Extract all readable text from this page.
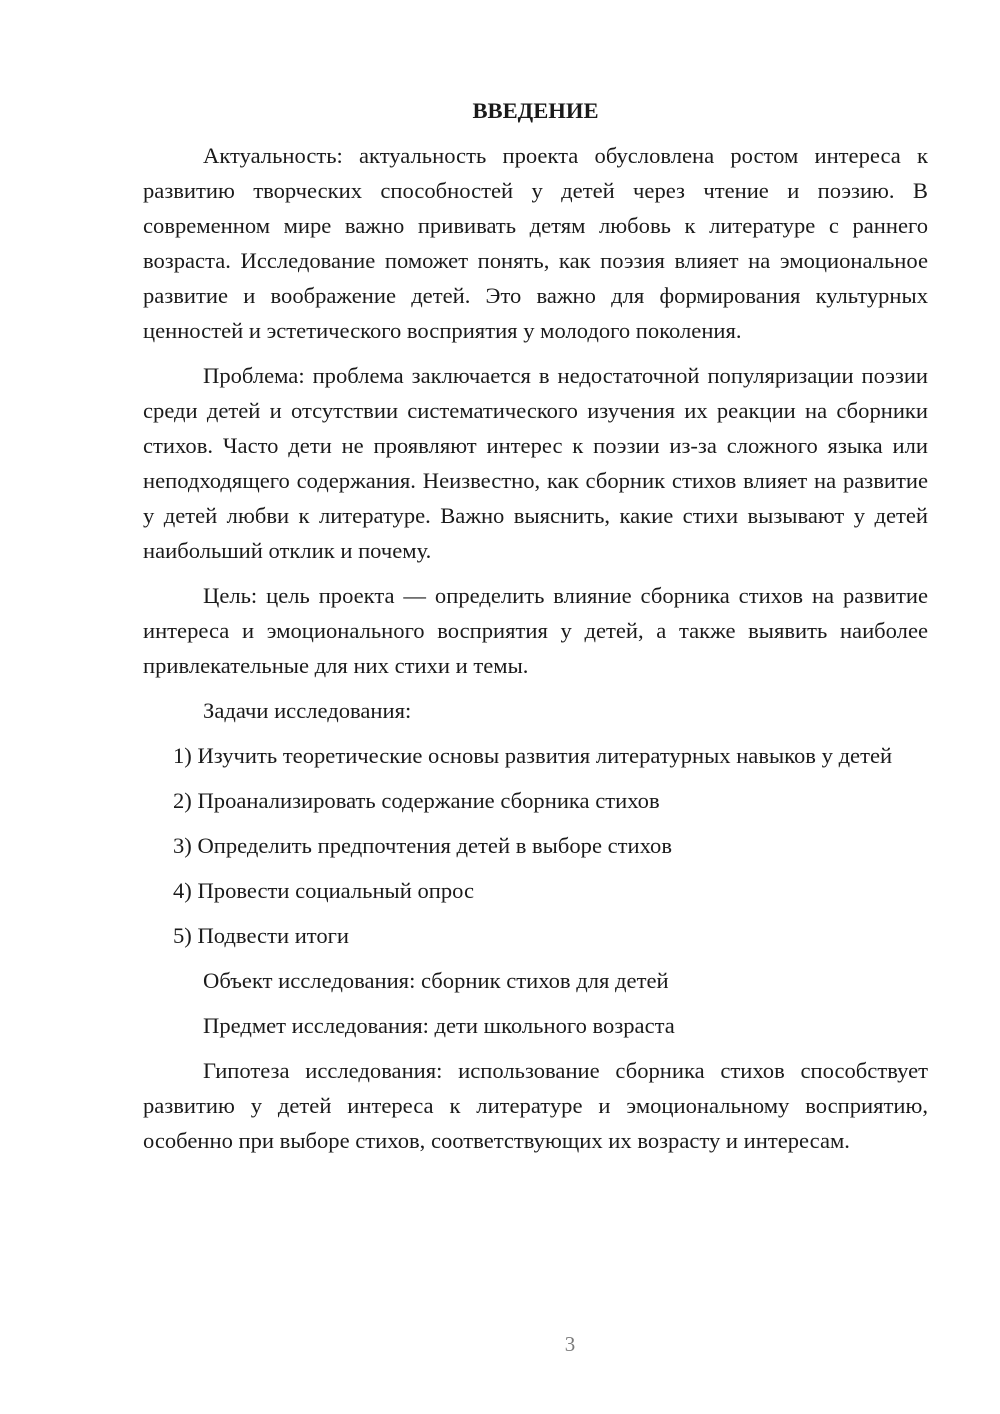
ВВЕДЕНИЕ

Актуальность: актуальность проекта обусловлена ростом интереса к развитию творческих способностей у детей через чтение и поэзию. В современном мире важно прививать детям любовь к литературе с раннего возраста. Исследование поможет понять, как поэзия влияет на эмоциональное развитие и воображение детей. Это важно для формирования культурных ценностей и эстетического восприятия у молодого поколения.

Проблема: проблема заключается в недостаточной популяризации поэзии среди детей и отсутствии систематического изучения их реакции на сборники стихов. Часто дети не проявляют интерес к поэзии из-за сложного языка или неподходящего содержания. Неизвестно, как сборник стихов влияет на развитие у детей любви к литературе. Важно выяснить, какие стихи вызывают у детей наибольший отклик и почему.

Цель: цель проекта — определить влияние сборника стихов на развитие интереса и эмоционального восприятия у детей, а также выявить наиболее привлекательные для них стихи и темы.

Задачи исследования:

1) Изучить теоретические основы развития литературных навыков у детей

2) Проанализировать содержание сборника стихов

3) Определить предпочтения детей в выборе стихов

4) Провести социальный опрос

5) Подвести итоги

Объект исследования: сборник стихов для детей

Предмет исследования: дети школьного возраста

Гипотеза исследования: использование сборника стихов способствует развитию у детей интереса к литературе и эмоциональному восприятию, особенно при выборе стихов, соответствующих их возрасту и интересам.

3
